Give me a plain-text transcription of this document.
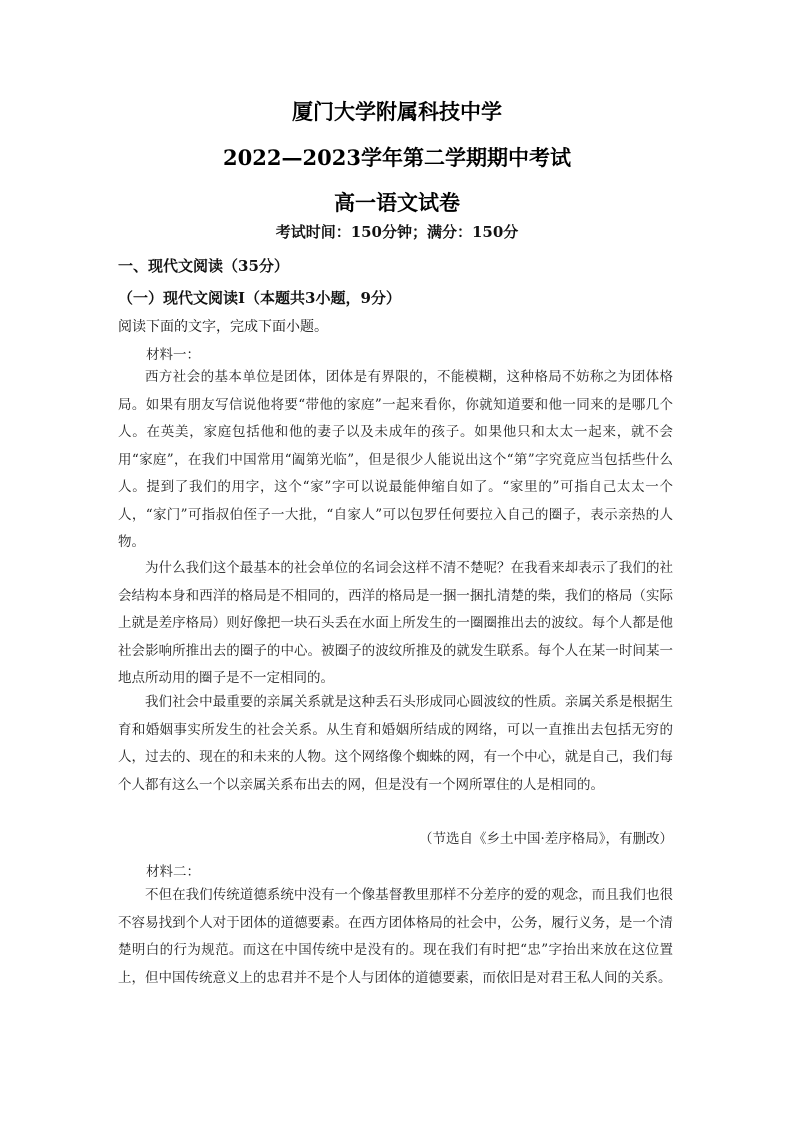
厦门大学附属科技中学
2022—2023学年第二学期期中考试
高一语文试卷
考试时间：150分钟；满分：150分
一、现代文阅读（35分）
（一）现代文阅读Ⅰ（本题共3小题，9分）
阅读下面的文字，完成下面小题。
材料一：
西方社会的基本单位是团体，团体是有界限的，不能模糊，这种格局不妨称之为团体格局。如果有朋友写信说他将要“带他的家庭”一起来看你，你就知道要和他一同来的是哪几个人。在英美，家庭包括他和他的妻子以及未成年的孩子。如果他只和太太一起来，就不会用“家庭”，在我们中国常用“阖第光临”，但是很少人能说出这个“第”字究竟应当包括些什么人。提到了我们的用字，这个“家”字可以说最能伸缩自如了。“家里的”可指自己太太一个人，“家门”可指叔伯侄子一大批，“自家人”可以包罗任何要拉入自己的圈子，表示亲热的人物。
为什么我们这个最基本的社会单位的名词会这样不清不楚呢？在我看来却表示了我们的社会结构本身和西洋的格局是不相同的，西洋的格局是一捆一捆扎清楚的柴，我们的格局（实际上就是差序格局）则好像把一块石头丢在水面上所发生的一圈圈推出去的波纹。每个人都是他社会影响所推出去的圈子的中心。被圈子的波纹所推及的就发生联系。每个人在某一时间某一地点所动用的圈子是不一定相同的。
我们社会中最重要的亲属关系就是这种丢石头形成同心圆波纹的性质。亲属关系是根据生育和婚姻事实所发生的社会关系。从生育和婚姻所结成的网络，可以一直推出去包括无穷的人，过去的、现在的和未来的人物。这个网络像个蜘蛛的网，有一个中心，就是自己，我们每个人都有这么一个以亲属关系布出去的网，但是没有一个网所罩住的人是相同的。
（节选自《乡土中国·差序格局》，有删改）
材料二：
不但在我们传统道德系统中没有一个像基督教里那样不分差序的爱的观念，而且我们也很不容易找到个人对于团体的道德要素。在西方团体格局的社会中，公务，履行义务，是一个清楚明白的行为规范。而这在中国传统中是没有的。现在我们有时把“忠”字抬出来放在这位置上，但中国传统意义上的忠君并不是个人与团体的道德要素，而依旧是对君王私人间的关系。
